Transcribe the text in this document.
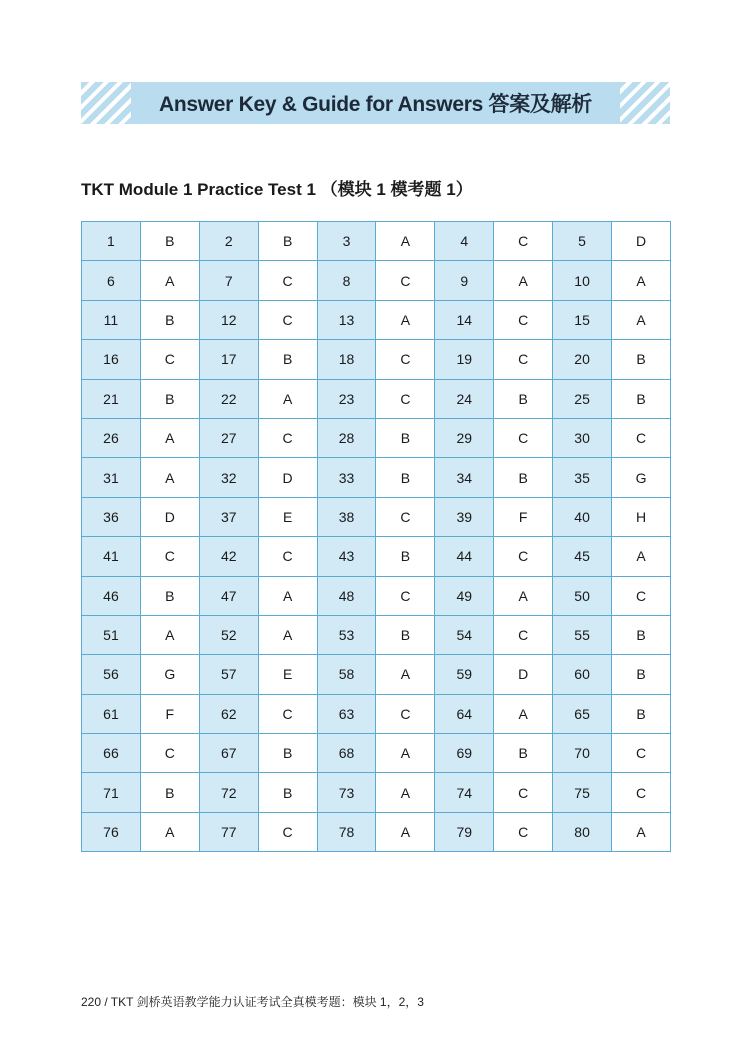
Answer Key & Guide for Answers 答案及解析
TKT Module 1 Practice Test 1 （模块 1 模考题 1）
1	B	2	B	3	A	4	C	5	D
6	A	7	C	8	C	9	A	10	A
11	B	12	C	13	A	14	C	15	A
16	C	17	B	18	C	19	C	20	B
21	B	22	A	23	C	24	B	25	B
26	A	27	C	28	B	29	C	30	C
31	A	32	D	33	B	34	B	35	G
36	D	37	E	38	C	39	F	40	H
41	C	42	C	43	B	44	C	45	A
46	B	47	A	48	C	49	A	50	C
51	A	52	A	53	B	54	C	55	B
56	G	57	E	58	A	59	D	60	B
61	F	62	C	63	C	64	A	65	B
66	C	67	B	68	A	69	B	70	C
71	B	72	B	73	A	74	C	75	C
76	A	77	C	78	A	79	C	80	A
220 / TKT 剑桥英语教学能力认证考试全真模考题：模块 1，2，3
